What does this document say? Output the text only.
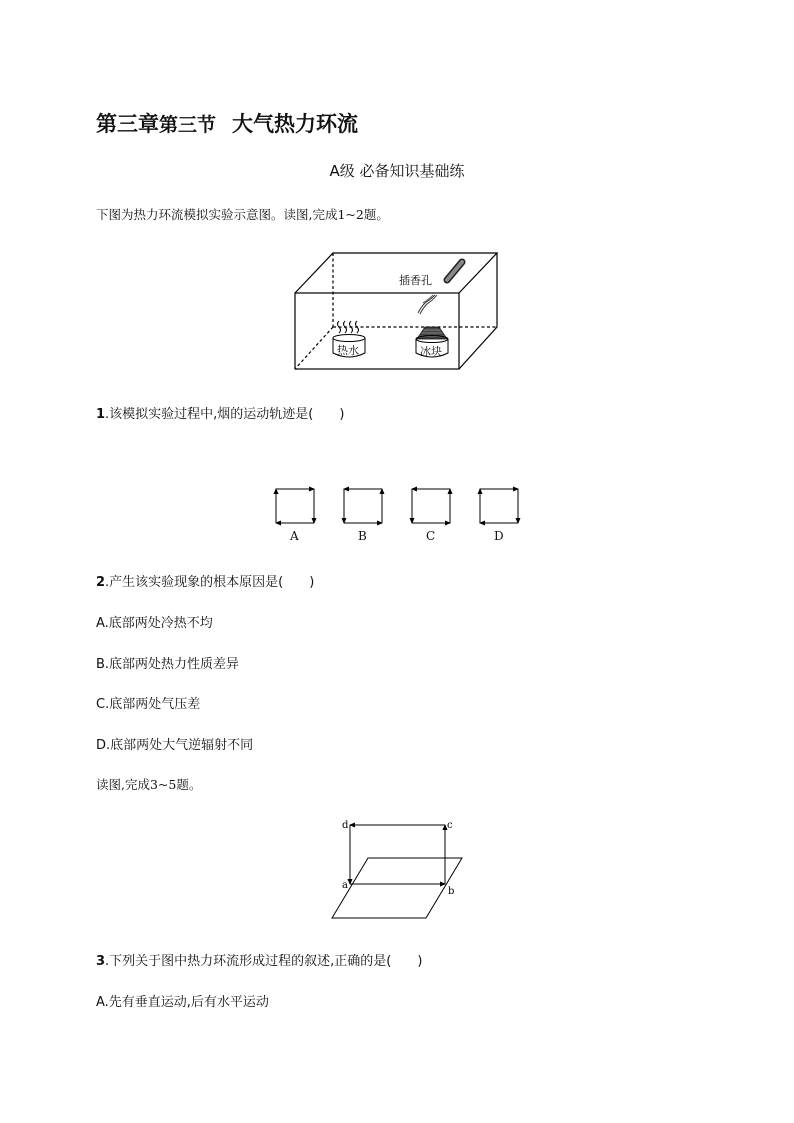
第三章第三节 大气热力环流
A级 必备知识基础练
下图为热力环流模拟实验示意图。读图,完成1~2题。
插香孔
热水	冰块
1.该模拟实验过程中,烟的运动轨迹是(　　)
A	B	C	D
2.产生该实验现象的根本原因是(　　)
A.底部两处冷热不均
B.底部两处热力性质差异
C.底部两处气压差
D.底部两处大气逆辐射不同
读图,完成3~5题。
d	c
a
b
3.下列关于图中热力环流形成过程的叙述,正确的是(　　)
A.先有垂直运动,后有水平运动
